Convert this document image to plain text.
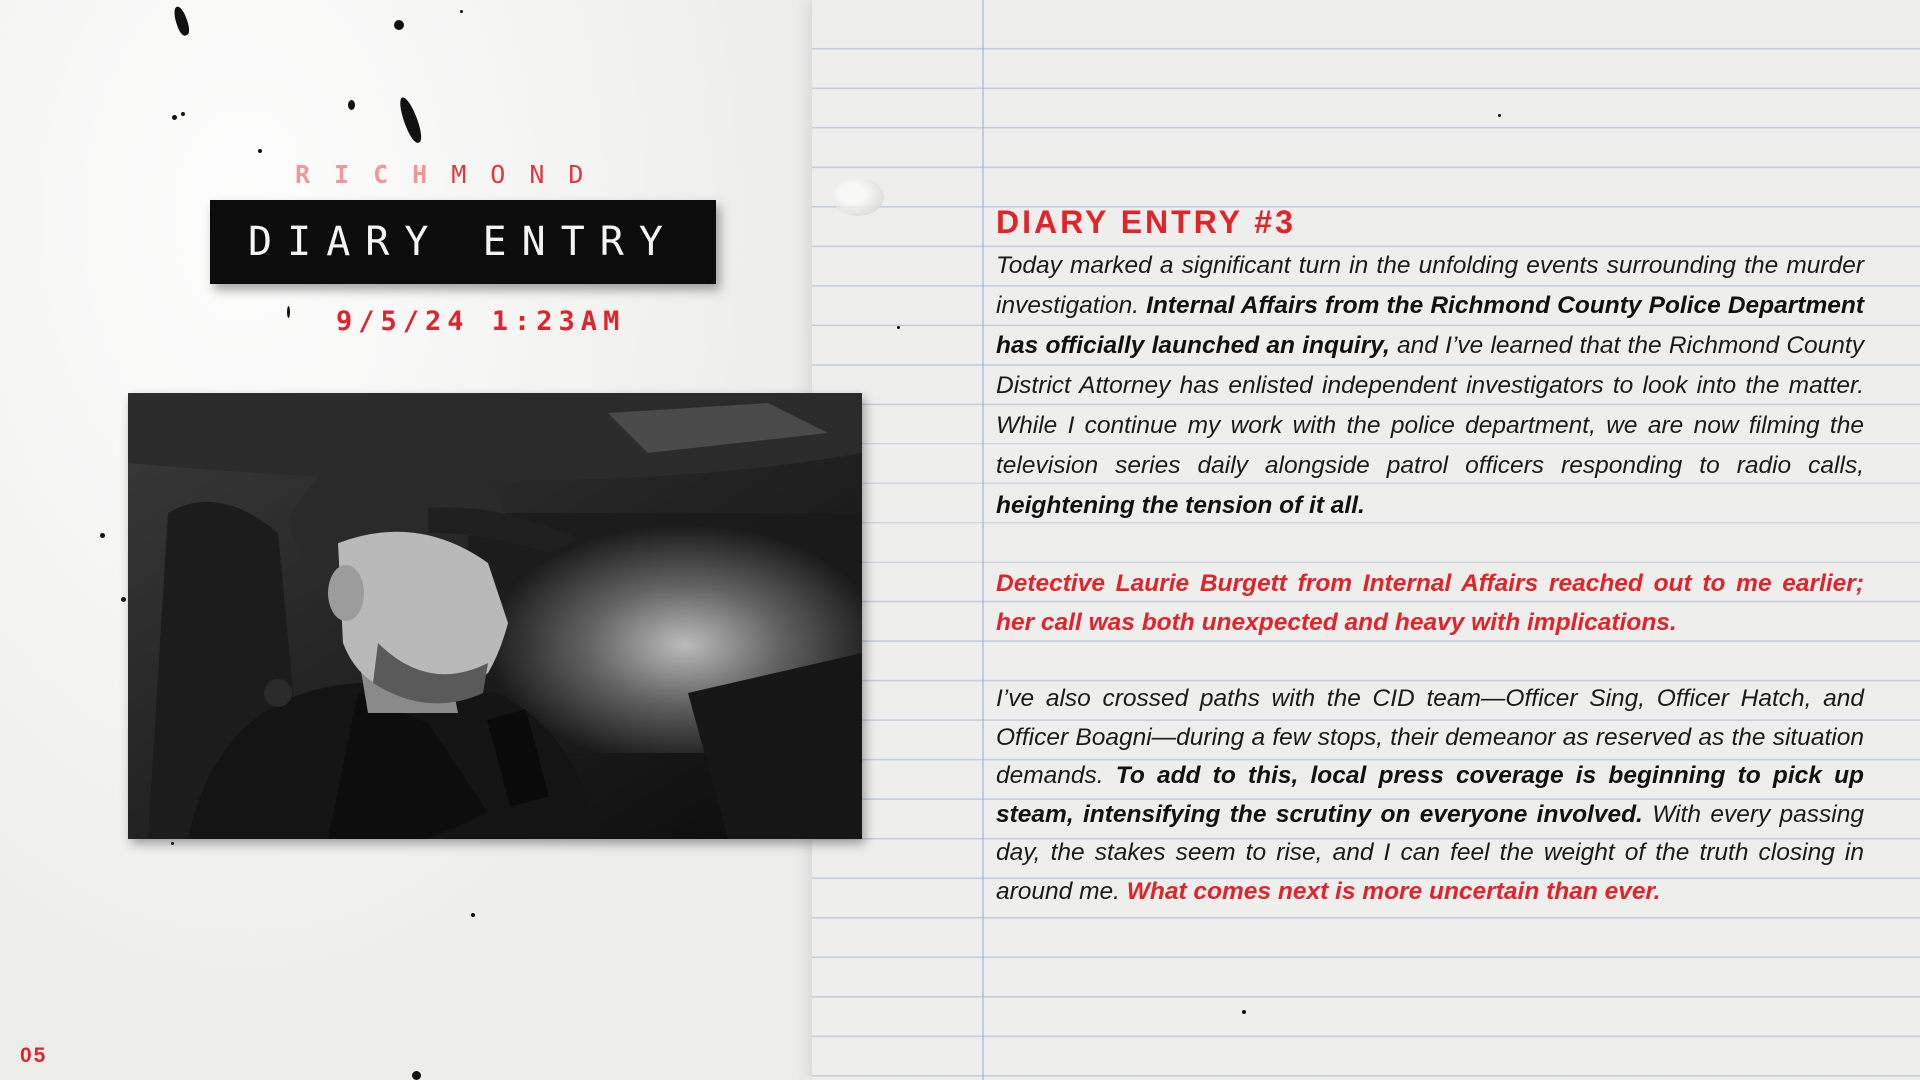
RICHMOND
DIARY ENTRY
9/5/24 1:23AM
05
DIARY ENTRY #3

Today marked a significant turn in the unfolding events surrounding the murder investigation. Internal Affairs from the Richmond County Police Department has officially launched an inquiry, and I’ve learned that the Richmond County District Attorney has enlisted independent investigators to look into the matter. While I continue my work with the police department, we are now filming the television series daily alongside patrol officers responding to radio calls, heightening the tension of it all.

Detective Laurie Burgett from Internal Affairs reached out to me earlier; her call was both unexpected and heavy with implications.

I’ve also crossed paths with the CID team—Officer Sing, Officer Hatch, and Officer Boagni—during a few stops, their demeanor as reserved as the situation demands. To add to this, local press coverage is beginning to pick up steam, intensifying the scrutiny on everyone involved. With every passing day, the stakes seem to rise, and I can feel the weight of the truth closing in around me. What comes next is more uncertain than ever.
